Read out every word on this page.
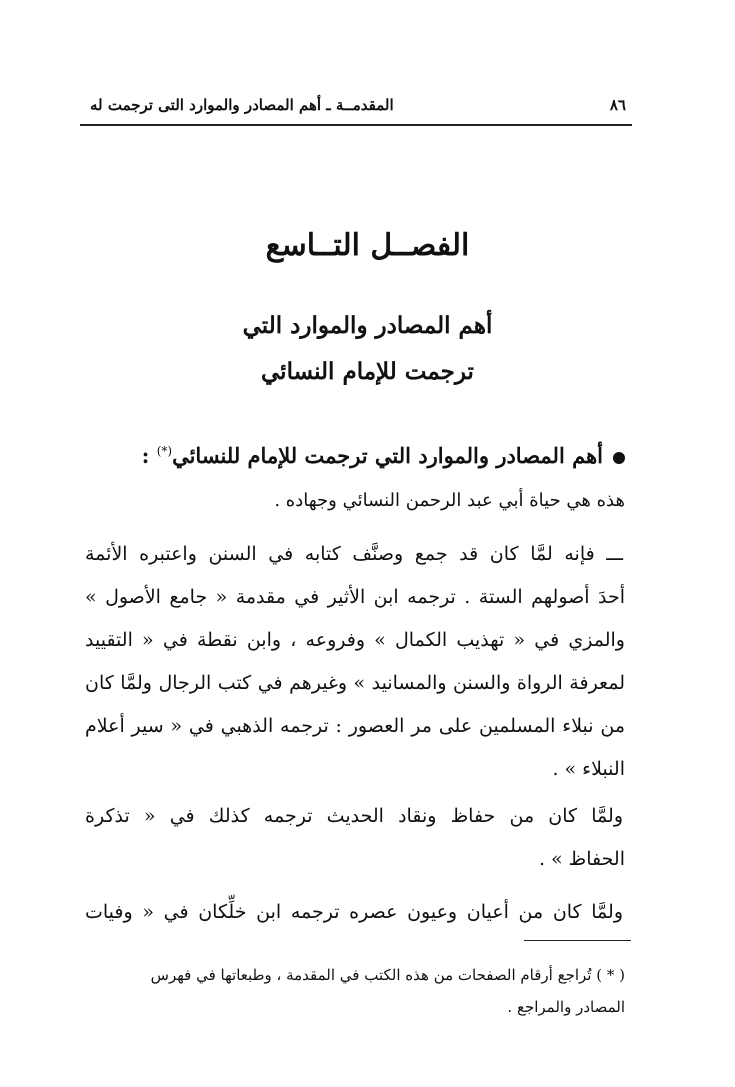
٨٦
المقدمــة ـ أهم المصادر والموارد التى ترجمت له
الفصــل التــاسع
أهم المصادر والموارد التي
ترجمت للإمام النسائي
أهم المصادر والموارد التي ترجمت للإمام للنسائي(*) :
هذه هي حياة أبي عبد الرحمن النسائي وجهاده .
ـــ فإنه لمَّا كان قد جمع وصنَّف كتابه في السنن واعتبره الأئمة
أحدَ أصولهم الستة . ترجمه ابن الأثير في مقدمة « جامع الأصول »
والمزي في « تهذيب الكمال » وفروعه ، وابن نقطة في « التقييد
لمعرفة الرواة والسنن والمسانيد » وغيرهم في كتب الرجال ولمَّا كان
من نبلاء المسلمين على مر العصور : ترجمه الذهبي في « سير أعلام
النبلاء » .
ولمَّا كان من حفاظ ونقاد الحديث ترجمه كذلك في « تذكرة
الحفاظ » .
ولمَّا كان من أعيان وعيون عصره ترجمه ابن خلِّكان في « وفيات
( * ) تُراجع أرقام الصفحات من هذه الكتب في المقدمة ، وطبعاتها في فهرس
المصادر والمراجع .
